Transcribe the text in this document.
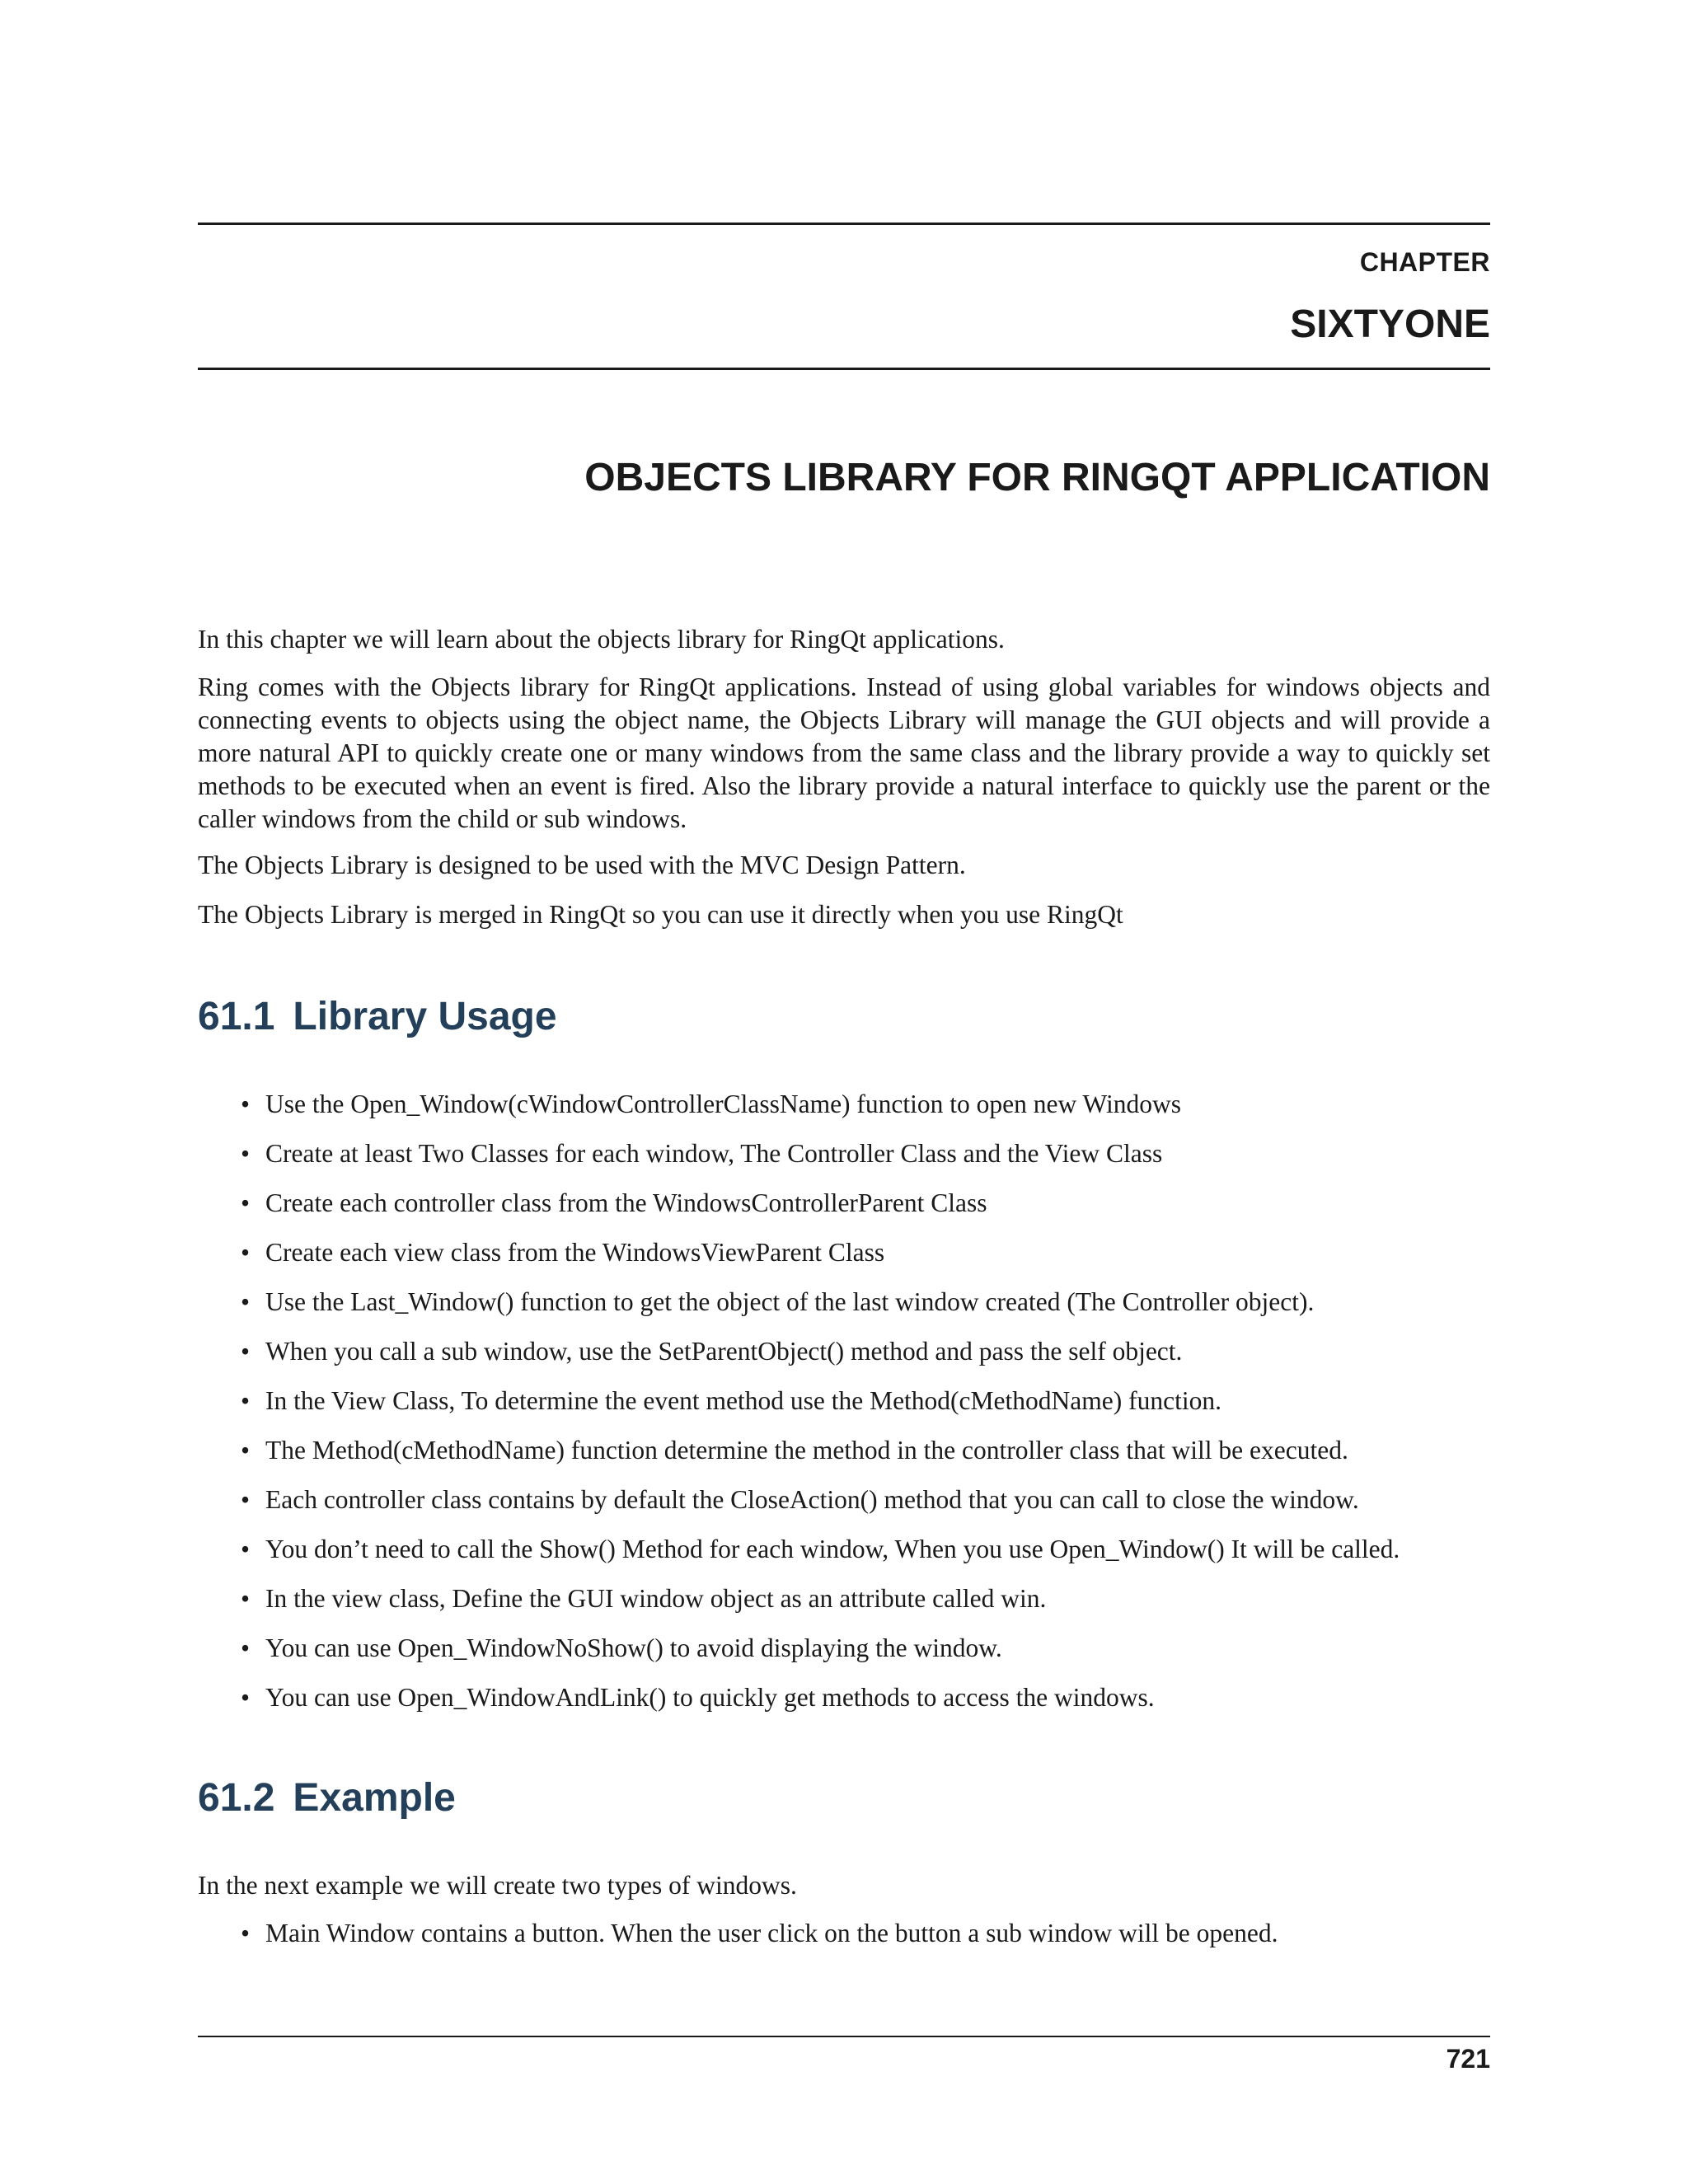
CHAPTER
SIXTYONE
OBJECTS LIBRARY FOR RINGQT APPLICATION

In this chapter we will learn about the objects library for RingQt applications.

Ring comes with the Objects library for RingQt applications. Instead of using global variables for windows objects and connecting events to objects using the object name, the Objects Library will manage the GUI objects and will provide a more natural API to quickly create one or many windows from the same class and the library provide a way to quickly set methods to be executed when an event is fired. Also the library provide a natural interface to quickly use the parent or the caller windows from the child or sub windows.

The Objects Library is designed to be used with the MVC Design Pattern.

The Objects Library is merged in RingQt so you can use it directly when you use RingQt

61.1 Library Usage
• Use the Open_Window(cWindowControllerClassName) function to open new Windows
• Create at least Two Classes for each window, The Controller Class and the View Class
• Create each controller class from the WindowsControllerParent Class
• Create each view class from the WindowsViewParent Class
• Use the Last_Window() function to get the object of the last window created (The Controller object).
• When you call a sub window, use the SetParentObject() method and pass the self object.
• In the View Class, To determine the event method use the Method(cMethodName) function.
• The Method(cMethodName) function determine the method in the controller class that will be executed.
• Each controller class contains by default the CloseAction() method that you can call to close the window.
• You don’t need to call the Show() Method for each window, When you use Open_Window() It will be called.
• In the view class, Define the GUI window object as an attribute called win.
• You can use Open_WindowNoShow() to avoid displaying the window.
• You can use Open_WindowAndLink() to quickly get methods to access the windows.
61.2 Example

In the next example we will create two types of windows.

• Main Window contains a button. When the user click on the button a sub window will be opened.
721
